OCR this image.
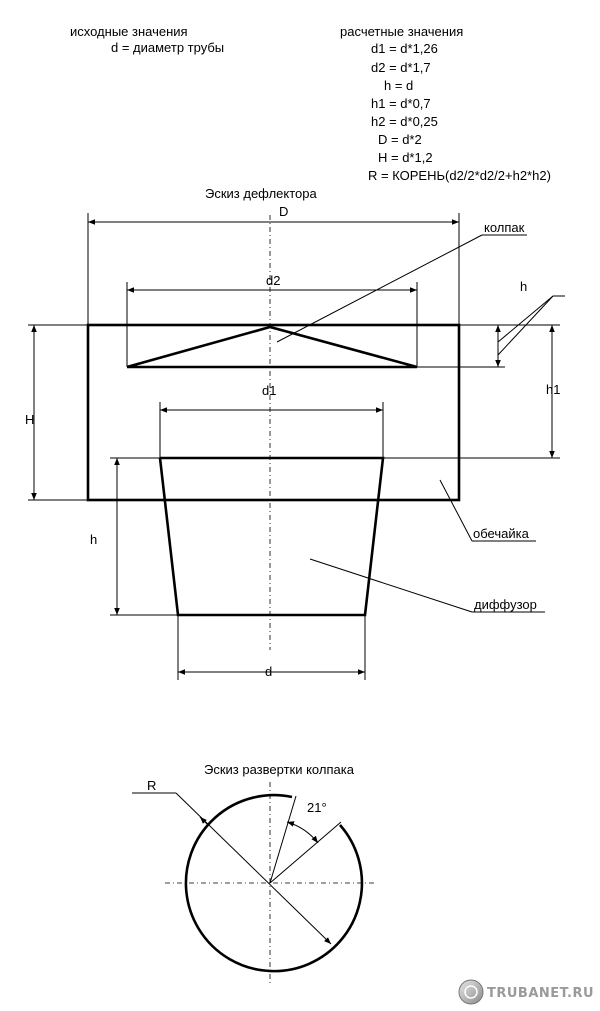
исходные значения
d = диаметр трубы
расчетные значения
d1 = d*1,26
d2 = d*1,7
h = d
h1 = d*0,7
h2 = d*0,25
D = d*2
H = d*1,2
R = КОРЕНЬ(d2/2*d2/2+h2*h2)
Эскиз дефлектора
D
d2
d1
d
H
h
h
h1
колпак
обечайка
диффузор
Эскиз развертки колпака
21°
R
TRUBANET.RU
